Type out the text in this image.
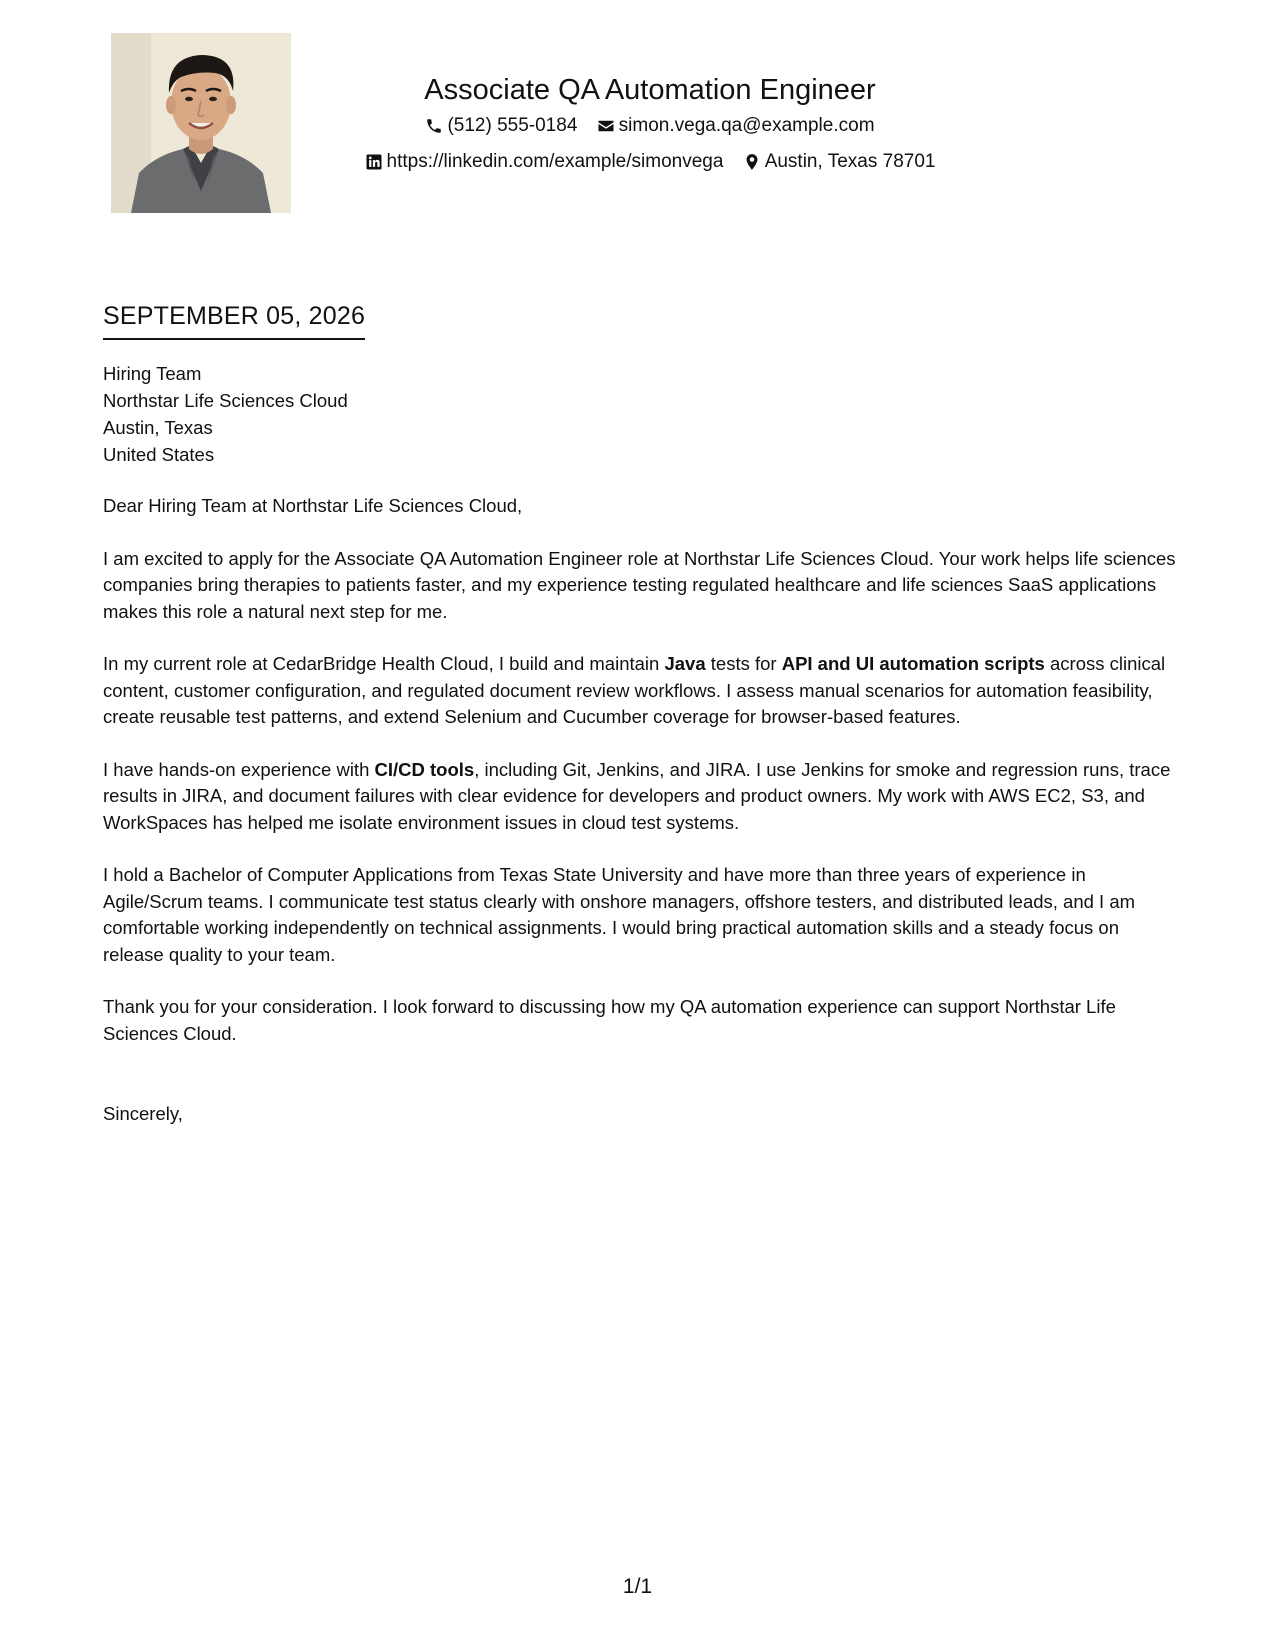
Associate QA Automation Engineer
(512) 555-0184
simon.vega.qa@example.com
https://linkedin.com/example/simonvega
Austin, Texas 78701
SEPTEMBER 05, 2026
Hiring Team
Northstar Life Sciences Cloud
Austin, Texas
United States

Dear Hiring Team at Northstar Life Sciences Cloud,

I am excited to apply for the Associate QA Automation Engineer role at Northstar Life Sciences Cloud. Your work helps life sciences companies bring therapies to patients faster, and my experience testing regulated healthcare and life sciences SaaS applications makes this role a natural next step for me.

In my current role at CedarBridge Health Cloud, I build and maintain Java tests for API and UI automation scripts across clinical content, customer configuration, and regulated document review workflows. I assess manual scenarios for automation feasibility, create reusable test patterns, and extend Selenium and Cucumber coverage for browser-based features.

I have hands-on experience with CI/CD tools, including Git, Jenkins, and JIRA. I use Jenkins for smoke and regression runs, trace results in JIRA, and document failures with clear evidence for developers and product owners. My work with AWS EC2, S3, and WorkSpaces has helped me isolate environment issues in cloud test systems.

I hold a Bachelor of Computer Applications from Texas State University and have more than three years of experience in Agile/Scrum teams. I communicate test status clearly with onshore managers, offshore testers, and distributed leads, and I am comfortable working independently on technical assignments. I would bring practical automation skills and a steady focus on release quality to your team.

Thank you for your consideration. I look forward to discussing how my QA automation experience can support Northstar Life Sciences Cloud.

Sincerely,
1/1
